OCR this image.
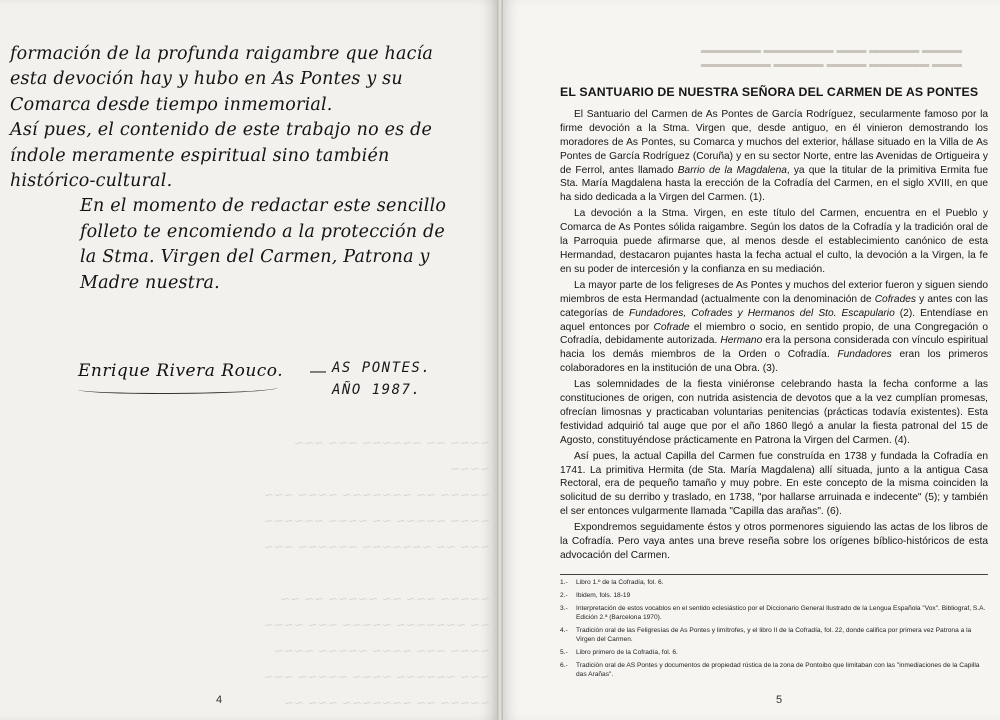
formación de la profunda raigambre que hacía esta devoción hay y hubo en As Pontes y su Comarca desde tiempo inmemorial.

Así pues, el contenido de este trabajo no es de índole meramente espiritual sino también histórico-cultural.

En el momento de redactar este sencillo folleto te encomiendo a la protección de la Stma. Virgen del Carmen, Patrona y Madre nuestra.

Enrique Rivera Rouco. — AS PONTES.
AÑO 1987.
~~~~ ~~ ~~~~~~ ~~~ ~~~ ~~~~
~~~~~ ~~ ~~~~~~~ ~~~~ ~~~
~~~~ ~~~~~ ~~ ~~~~ ~~~~~~
~~~ ~~ ~~~~~~~ ~~~~~~ ~~~

~~~~~ ~~~ ~~ ~~~~~ ~~ ~~
~~ ~~~~~~~ ~~~~~ ~~~ ~~~~
~~~~ ~~~ ~~~~ ~~~~~ ~~~~
~~~ ~~~~~~ ~~~~ ~~~~~ ~~~
~~~~~ ~~ ~~~~~~~ ~~~ ~~
4
▬▬▬▬ ▬▬▬▬▬ ▬▬▬ ▬▬▬▬▬▬▬ ▬▬▬▬▬▬
▬▬▬ ▬▬▬▬▬▬ ▬▬▬▬ ▬▬▬▬▬ ▬▬▬▬▬▬▬
EL SANTUARIO DE NUESTRA SEÑORA DEL CARMEN DE AS PONTES

El Santuario del Carmen de As Pontes de García Rodríguez, secularmente famoso por la firme devoción a la Stma. Virgen que, desde antiguo, en él vinieron demostrando los moradores de As Pontes, su Comarca y muchos del exterior, hállase situado en la Villa de As Pontes de García Rodríguez (Coruña) y en su sector Norte, entre las Avenidas de Ortigueira y de Ferrol, antes llamado Barrio de la Magdalena, ya que la titular de la primitiva Ermita fue Sta. María Magdalena hasta la erección de la Cofradía del Carmen, en el siglo XVIII, en que ha sido dedicada a la Virgen del Carmen. (1).

La devoción a la Stma. Virgen, en este título del Carmen, encuentra en el Pueblo y Comarca de As Pontes sólida raigambre. Según los datos de la Cofradía y la tradición oral de la Parroquia puede afirmarse que, al menos desde el establecimiento canónico de esta Hermandad, destacaron pujantes hasta la fecha actual el culto, la devoción a la Virgen, la fe en su poder de intercesión y la confianza en su mediación.

La mayor parte de los feligreses de As Pontes y muchos del exterior fueron y siguen siendo miembros de esta Hermandad (actualmente con la denominación de Cofrades y antes con las categorías de Fundadores, Cofrades y Hermanos del Sto. Escapulario (2). Entendíase en aquel entonces por Cofrade el miembro o socio, en sentido propio, de una Congregación o Cofradía, debidamente autorizada. Hermano era la persona considerada con vínculo espiritual hacia los demás miembros de la Orden o Cofradía. Fundadores eran los primeros colaboradores en la institución de una Obra. (3).

Las solemnidades de la fiesta viniéronse celebrando hasta la fecha conforme a las constituciones de origen, con nutrida asistencia de devotos que a la vez cumplían promesas, ofrecían limosnas y practicaban voluntarias penitencias (prácticas todavía existentes). Esta festividad adquirió tal auge que por el año 1860 llegó a anular la fiesta patronal del 15 de Agosto, constituyéndose prácticamente en Patrona la Virgen del Carmen. (4).

Así pues, la actual Capilla del Carmen fue construída en 1738 y fundada la Cofradía en 1741. La primitiva Hermita (de Sta. María Magdalena) allí situada, junto a la antigua Casa Rectoral, era de pequeño tamaño y muy pobre. En este concepto de la misma coinciden la solicitud de su derribo y traslado, en 1738, "por hallarse arruinada e indecente" (5); y también el ser entonces vulgarmente llamada "Capilla das arañas". (6).

Expondremos seguidamente éstos y otros pormenores siguiendo las actas de los libros de la Cofradía. Pero vaya antes una breve reseña sobre los orígenes bíblico-históricos de esta advocación del Carmen.

1.-	Libro 1.º de la Cofradía, fol. 6.
2.-	Ibidem, fols. 18-19
3.-	Interpretación de estos vocablos en el sentido eclesiástico por el Diccionario General Ilustrado de la Lengua Española "Vox". Bibliograf, S.A. Edición 2.ª (Barcelona 1970).
4.-	Tradición oral de las Feligresías de As Pontes y limítrofes, y el libro II de la Cofradía, fol. 22, donde califica por primera vez Patrona a la Virgen del Carmen.
5.-	Libro primero de la Cofradía, fol. 6.
6.-	Tradición oral de AS Pontes y documentos de propiedad rústica de la zona de Pontoibo que limitaban con las "inmediaciones de la Capilla das Arañas".
5
